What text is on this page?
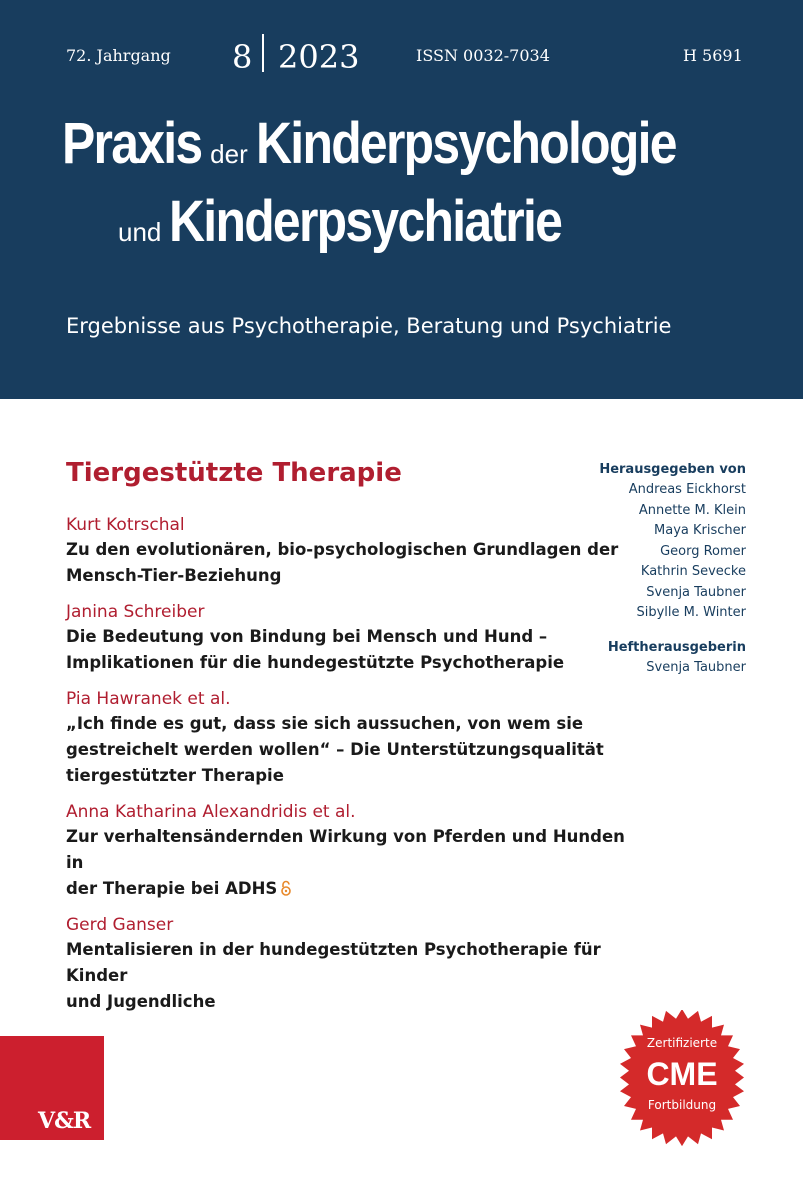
72. Jahrgang 8 2023	ISSN 0032-7034	H 5691
Praxis der Kinderpsychologie
und Kinderpsychiatrie
Ergebnisse aus Psychotherapie, Beratung und Psychiatrie
Tiergestützte Therapie
Kurt Kotrschal
Zu den evolutionären, bio-psychologischen Grundlagen der
Mensch-Tier-Beziehung
Janina Schreiber
Die Bedeutung von Bindung bei Mensch und Hund –
Implikationen für die hundegestützte Psychotherapie
Pia Hawranek et al.
„Ich finde es gut, dass sie sich aussuchen, von wem sie
gestreichelt werden wollen“ – Die Unterstützungsqualität
tiergestützter Therapie
Anna Katharina Alexandridis et al.
Zur verhaltensändernden Wirkung von Pferden und Hunden in
der Therapie bei ADHS
Gerd Ganser
Mentalisieren in der hundegestützten Psychotherapie für Kinder
und Jugendliche
Herausgegeben von
Andreas Eickhorst
Annette M. Klein
Maya Krischer
Georg Romer
Kathrin Sevecke
Svenja Taubner
Sibylle M. Winter
Heftherausgeberin
Svenja Taubner
V&R
Zertifizierte
CME
Fortbildung
